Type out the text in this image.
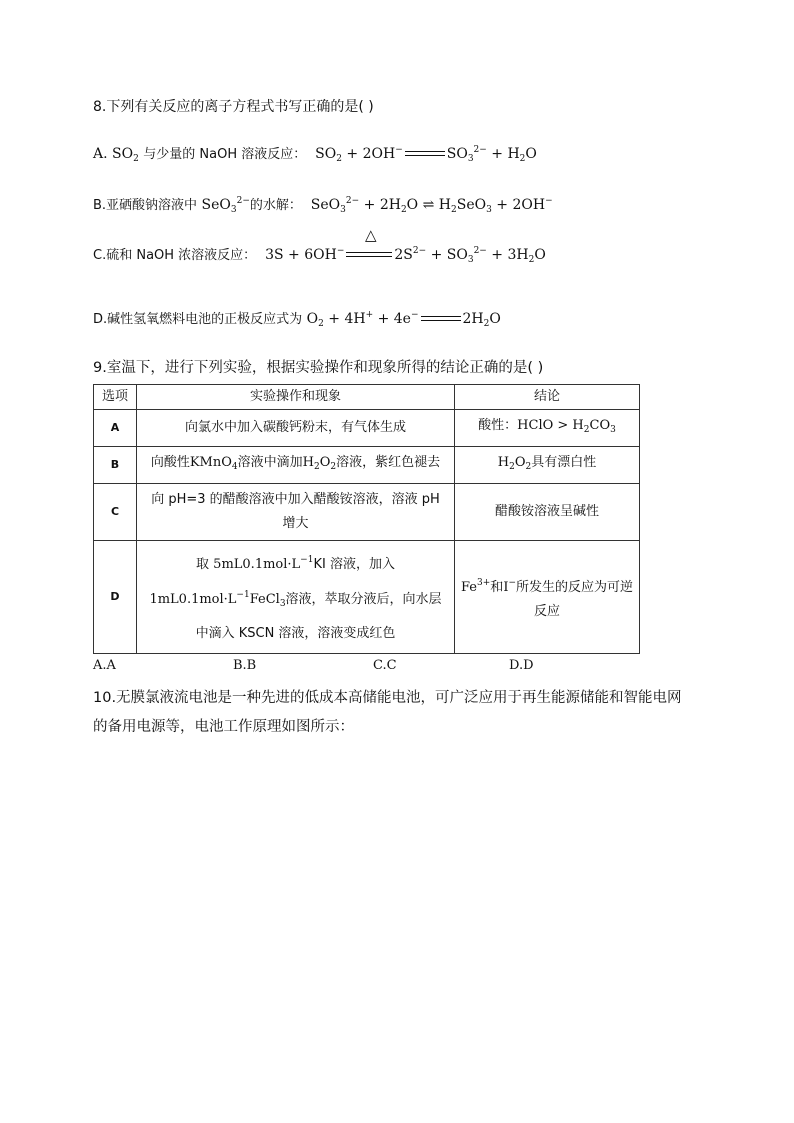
8.下列有关反应的离子方程式书写正确的是( )
A. $SO_2$ 与少量的 NaOH 溶液反应：  $SO_2 + 2OH^-$	$SO_3^{2-} + H_2O$
B.亚硒酸钠溶液中 SeO$_3^{2-}$的水解：  $SeO_3^{2-} + 2H_2O$ ⇌ $H_2SeO_3 + 2OH^-$
△
C.硫和 NaOH 浓溶液反应：  3S + 6OH−	$2S^{2-} + SO_3^{2-} + 3H_2O$
D.碱性氢氧燃料电池的正极反应式为 $O_2 + 4H^+ + 4e^-$	$2H_2O$
9.室温下，进行下列实验，根据实验操作和现象所得的结论正确的是( )
选项	实验操作和现象	结论
A	向氯水中加入碳酸钙粉末，有气体生成	酸性：HClO > $H_2CO_3$
B	向酸性KMnO$_4$溶液中滴加$H_2O_2$溶液，紫红色褪去	$H_2O_2$具有漂白性
C	向 pH=3 的醋酸溶液中加入醋酸铵溶液，溶液 pH 增大	醋酸铵溶液呈碱性
D	取 $5mL0.1mol\cdot L^{-1}KI$ 溶液，加入
$1mL0.1mol\cdot L^{-1}FeCl_3$溶液，萃取分液后，向水层中滴入 KSCN 溶液，溶液变成红色	$Fe^{3+}$和I−所发生的反应为可逆反应
A.A	B.B	C.C	D.D
10.无膜氯液流电池是一种先进的低成本高储能电池，可广泛应用于再生能源储能和智能电网的备用电源等，电池工作原理如图所示：
